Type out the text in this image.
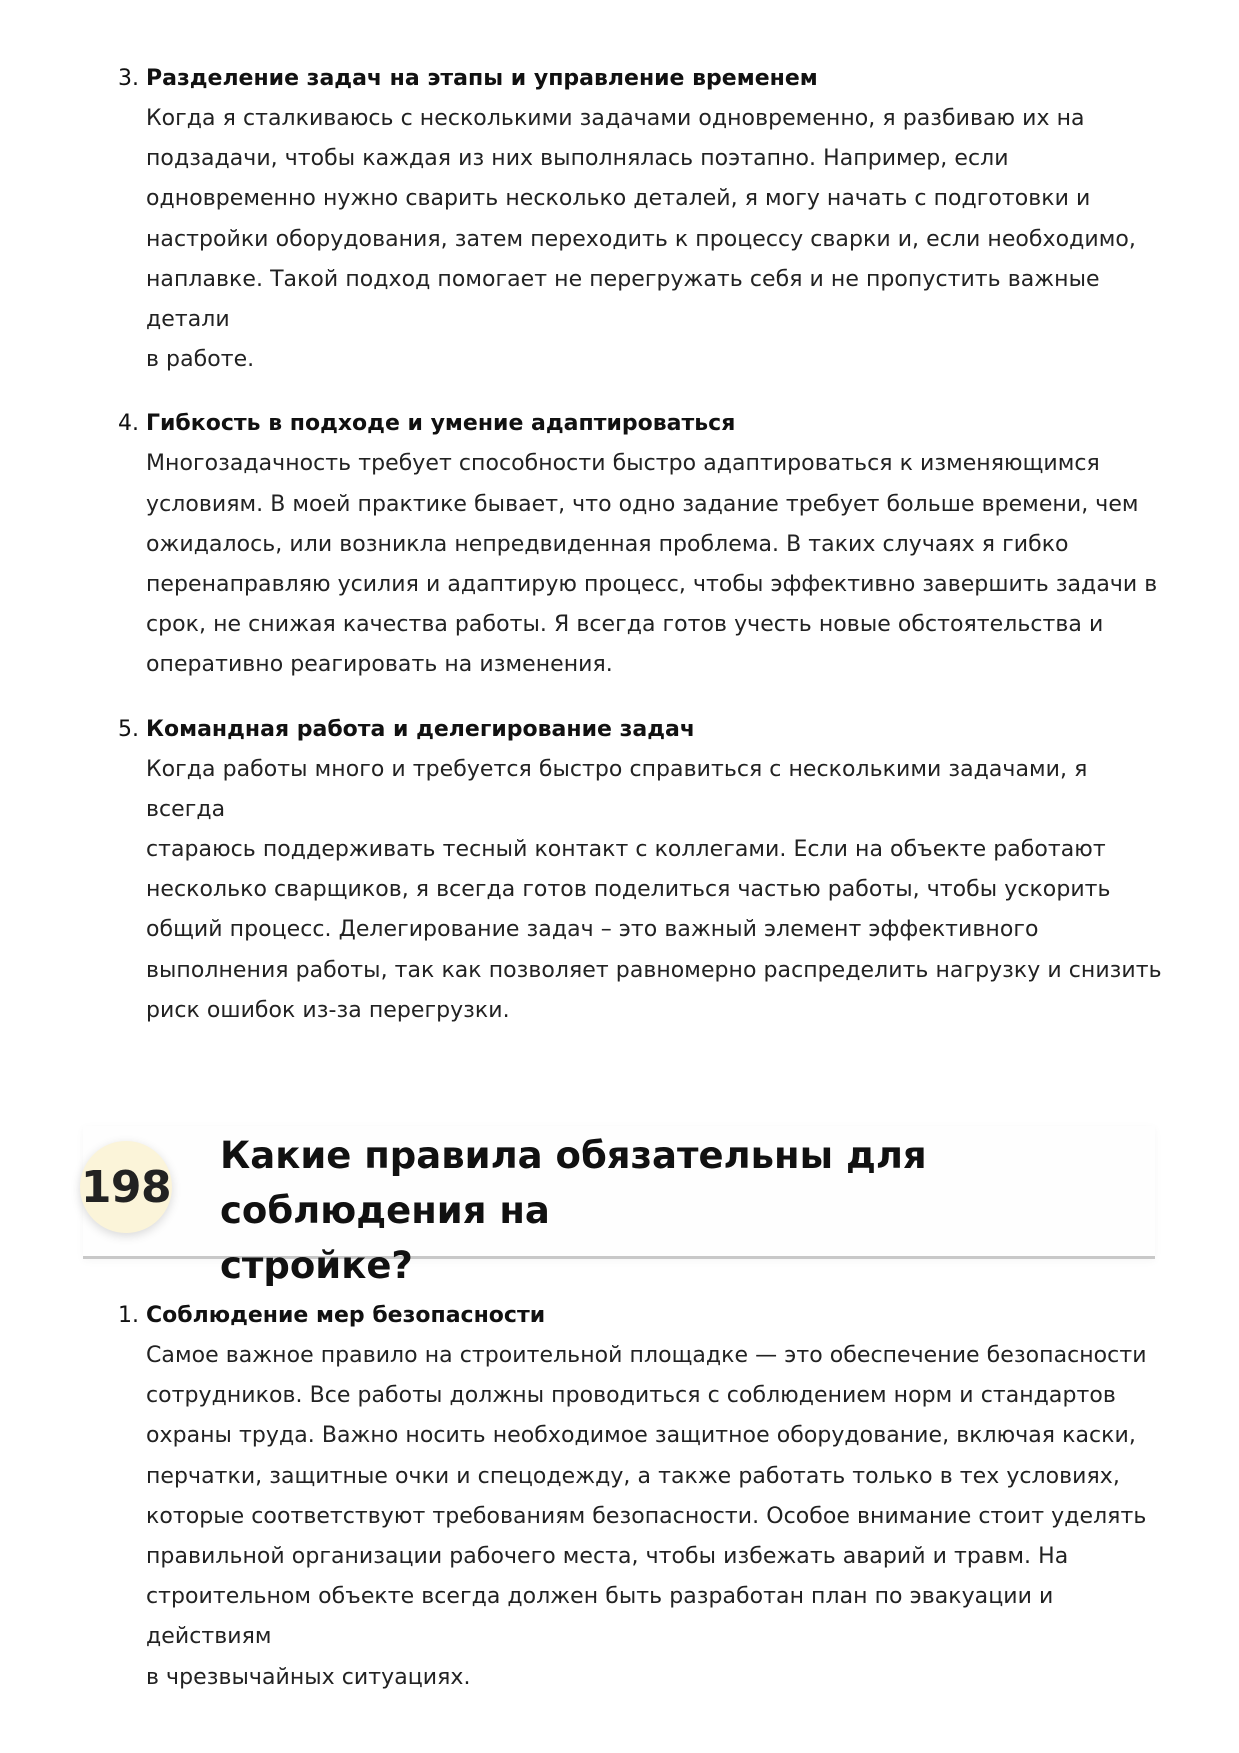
3. Разделение задач на этапы и управление временем
Когда я сталкиваюсь с несколькими задачами одновременно, я разбиваю их на
подзадачи, чтобы каждая из них выполнялась поэтапно. Например, если
одновременно нужно сварить несколько деталей, я могу начать с подготовки и
настройки оборудования, затем переходить к процессу сварки и, если необходимо,
наплавке. Такой подход помогает не перегружать себя и не пропустить важные детали
в работе.
4. Гибкость в подходе и умение адаптироваться
Многозадачность требует способности быстро адаптироваться к изменяющимся
условиям. В моей практике бывает, что одно задание требует больше времени, чем
ожидалось, или возникла непредвиденная проблема. В таких случаях я гибко
перенаправляю усилия и адаптирую процесс, чтобы эффективно завершить задачи в
срок, не снижая качества работы. Я всегда готов учесть новые обстоятельства и
оперативно реагировать на изменения.
5. Командная работа и делегирование задач
Когда работы много и требуется быстро справиться с несколькими задачами, я всегда
стараюсь поддерживать тесный контакт с коллегами. Если на объекте работают
несколько сварщиков, я всегда готов поделиться частью работы, чтобы ускорить
общий процесс. Делегирование задач – это важный элемент эффективного
выполнения работы, так как позволяет равномерно распределить нагрузку и снизить
риск ошибок из-за перегрузки.
198
Какие правила обязательны для соблюдения на
стройке?
1. Соблюдение мер безопасности
Самое важное правило на строительной площадке — это обеспечение безопасности
сотрудников. Все работы должны проводиться с соблюдением норм и стандартов
охраны труда. Важно носить необходимое защитное оборудование, включая каски,
перчатки, защитные очки и спецодежду, а также работать только в тех условиях,
которые соответствуют требованиям безопасности. Особое внимание стоит уделять
правильной организации рабочего места, чтобы избежать аварий и травм. На
строительном объекте всегда должен быть разработан план по эвакуации и действиям
в чрезвычайных ситуациях.
